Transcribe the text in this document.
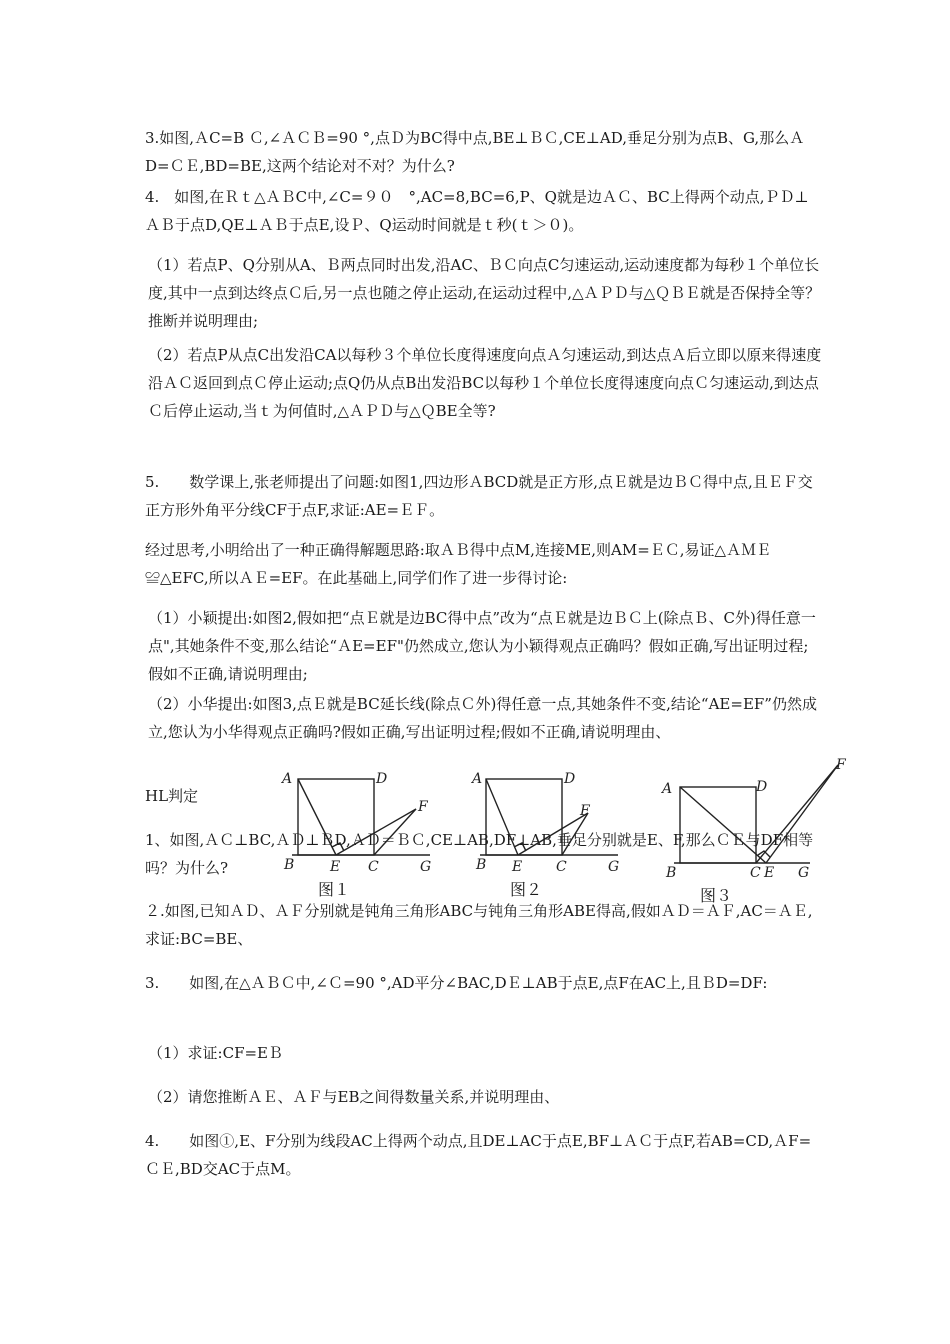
3.如图,ＡC=B Ｃ,∠ＡＣＢ=90 °,点Ｄ为BC得中点,BE⊥ＢＣ,CE⊥AD,垂足分别为点B、G,那么ＡD=ＣＥ,BD=BE,这两个结论对不对？为什么?

4.　如图,在Ｒｔ△ＡＢC中,∠C=９０　°,AC=8,BC=6,P、Q就是边ＡＣ、BC上得两个动点,ＰＤ⊥ＡＢ于点D,QE⊥ＡＢ于点E,设Ｐ、Q运动时间就是ｔ秒(ｔ＞０)。

（1）若点P、Q分别从A、Ｂ两点同时出发,沿AC、ＢＣ向点C匀速运动,运动速度都为每秒１个单位长度,其中一点到达终点Ｃ后,另一点也随之停止运动,在运动过程中,△ＡＰＤ与△ＱＢＥ就是否保持全等？推断并说明理由;

（2）若点P从点C出发沿CA以每秒３个单位长度得速度向点Ａ匀速运动,到达点Ａ后立即以原来得速度沿ＡＣ返回到点Ｃ停止运动;点Q仍从点B出发沿BC以每秒１个单位长度得速度向点Ｃ匀速运动,到达点Ｃ后停止运动,当ｔ为何值时,△ＡＰＤ与△ＱBE全等?

5.　　数学课上,张老师提出了问题:如图1,四边形ＡBCD就是正方形,点Ｅ就是边ＢＣ得中点,且ＥＦ交正方形外角平分线CF于点F,求证:AE=ＥＦ。

经过思考,小明给出了一种正确得解题思路:取ＡＢ得中点M,连接ME,则AM=ＥＣ,易证△ＡＭＥ≌△EFC,所以ＡＥ=EF。在此基础上,同学们作了进一步得讨论:

（1）小颖提出:如图2,假如把“点Ｅ就是边BC得中点”改为“点Ｅ就是边ＢＣ上(除点Ｂ、C外)得任意一点",其她条件不变,那么结论“ＡE=EF"仍然成立,您认为小颖得观点正确吗？假如正确,写出证明过程;假如不正确,请说明理由;

（2）小华提出:如图3,点Ｅ就是BC延长线(除点Ｃ外)得任意一点,其她条件不变,结论“AE=EF”仍然成立,您认为小华得观点正确吗?假如正确,写出证明过程;假如不正确,请说明理由、

HL判定

1、如图,ＡＣ⊥BC,ＡＤ⊥ＢD,ＡＤ＝ＢＣ,CE⊥AB,DF⊥AB,垂足分别就是E、F,那么ＣＥ与DF相等吗？为什么?

２.如图,已知ＡＤ、ＡＦ分别就是钝角三角形ABC与钝角三角形ABE得高,假如ＡＤ＝ＡＦ,AC＝ＡＥ,求证:BC=BE、

3.　　如图,在△ＡＢＣ中,∠Ｃ=90 °,AD平分∠BAC,DＥ⊥AB于点E,点F在AC上,且ＢD=DF:

（1）求证:CF=EＢ

（2）请您推断ＡＥ、ＡＦ与EB之间得数量关系,并说明理由、

4.　　如图①,E、F分别为线段AC上得两个动点,且DE⊥AC于点E,BF⊥ＡＣ于点F,若AB=CD,ＡF=ＣＥ,BD交AC于点M。

A	D
F
B	E C	G
图１
A	D
F
B E C	G
图２
A	D
F
B	C E G
图３
